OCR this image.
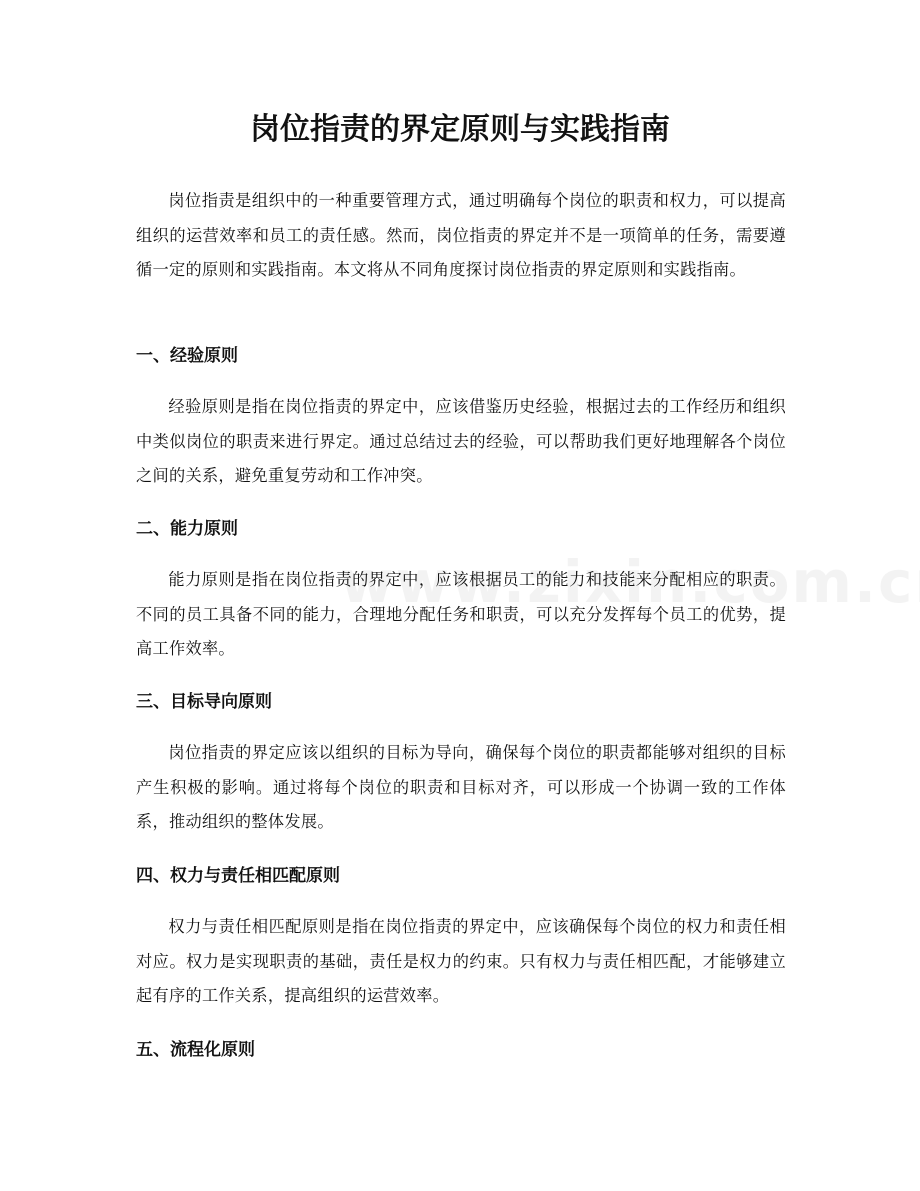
岗位指责的界定原则与实践指南

岗位指责是组织中的一种重要管理方式，通过明确每个岗位的职责和权力，可以提高组织的运营效率和员工的责任感。然而，岗位指责的界定并不是一项简单的任务，需要遵循一定的原则和实践指南。本文将从不同角度探讨岗位指责的界定原则和实践指南。

一、经验原则

经验原则是指在岗位指责的界定中，应该借鉴历史经验，根据过去的工作经历和组织中类似岗位的职责来进行界定。通过总结过去的经验，可以帮助我们更好地理解各个岗位之间的关系，避免重复劳动和工作冲突。

二、能力原则

能力原则是指在岗位指责的界定中，应该根据员工的能力和技能来分配相应的职责。不同的员工具备不同的能力，合理地分配任务和职责，可以充分发挥每个员工的优势，提高工作效率。

三、目标导向原则

岗位指责的界定应该以组织的目标为导向，确保每个岗位的职责都能够对组织的目标产生积极的影响。通过将每个岗位的职责和目标对齐，可以形成一个协调一致的工作体系，推动组织的整体发展。

四、权力与责任相匹配原则

权力与责任相匹配原则是指在岗位指责的界定中，应该确保每个岗位的权力和责任相对应。权力是实现职责的基础，责任是权力的约束。只有权力与责任相匹配，才能够建立起有序的工作关系，提高组织的运营效率。

五、流程化原则
